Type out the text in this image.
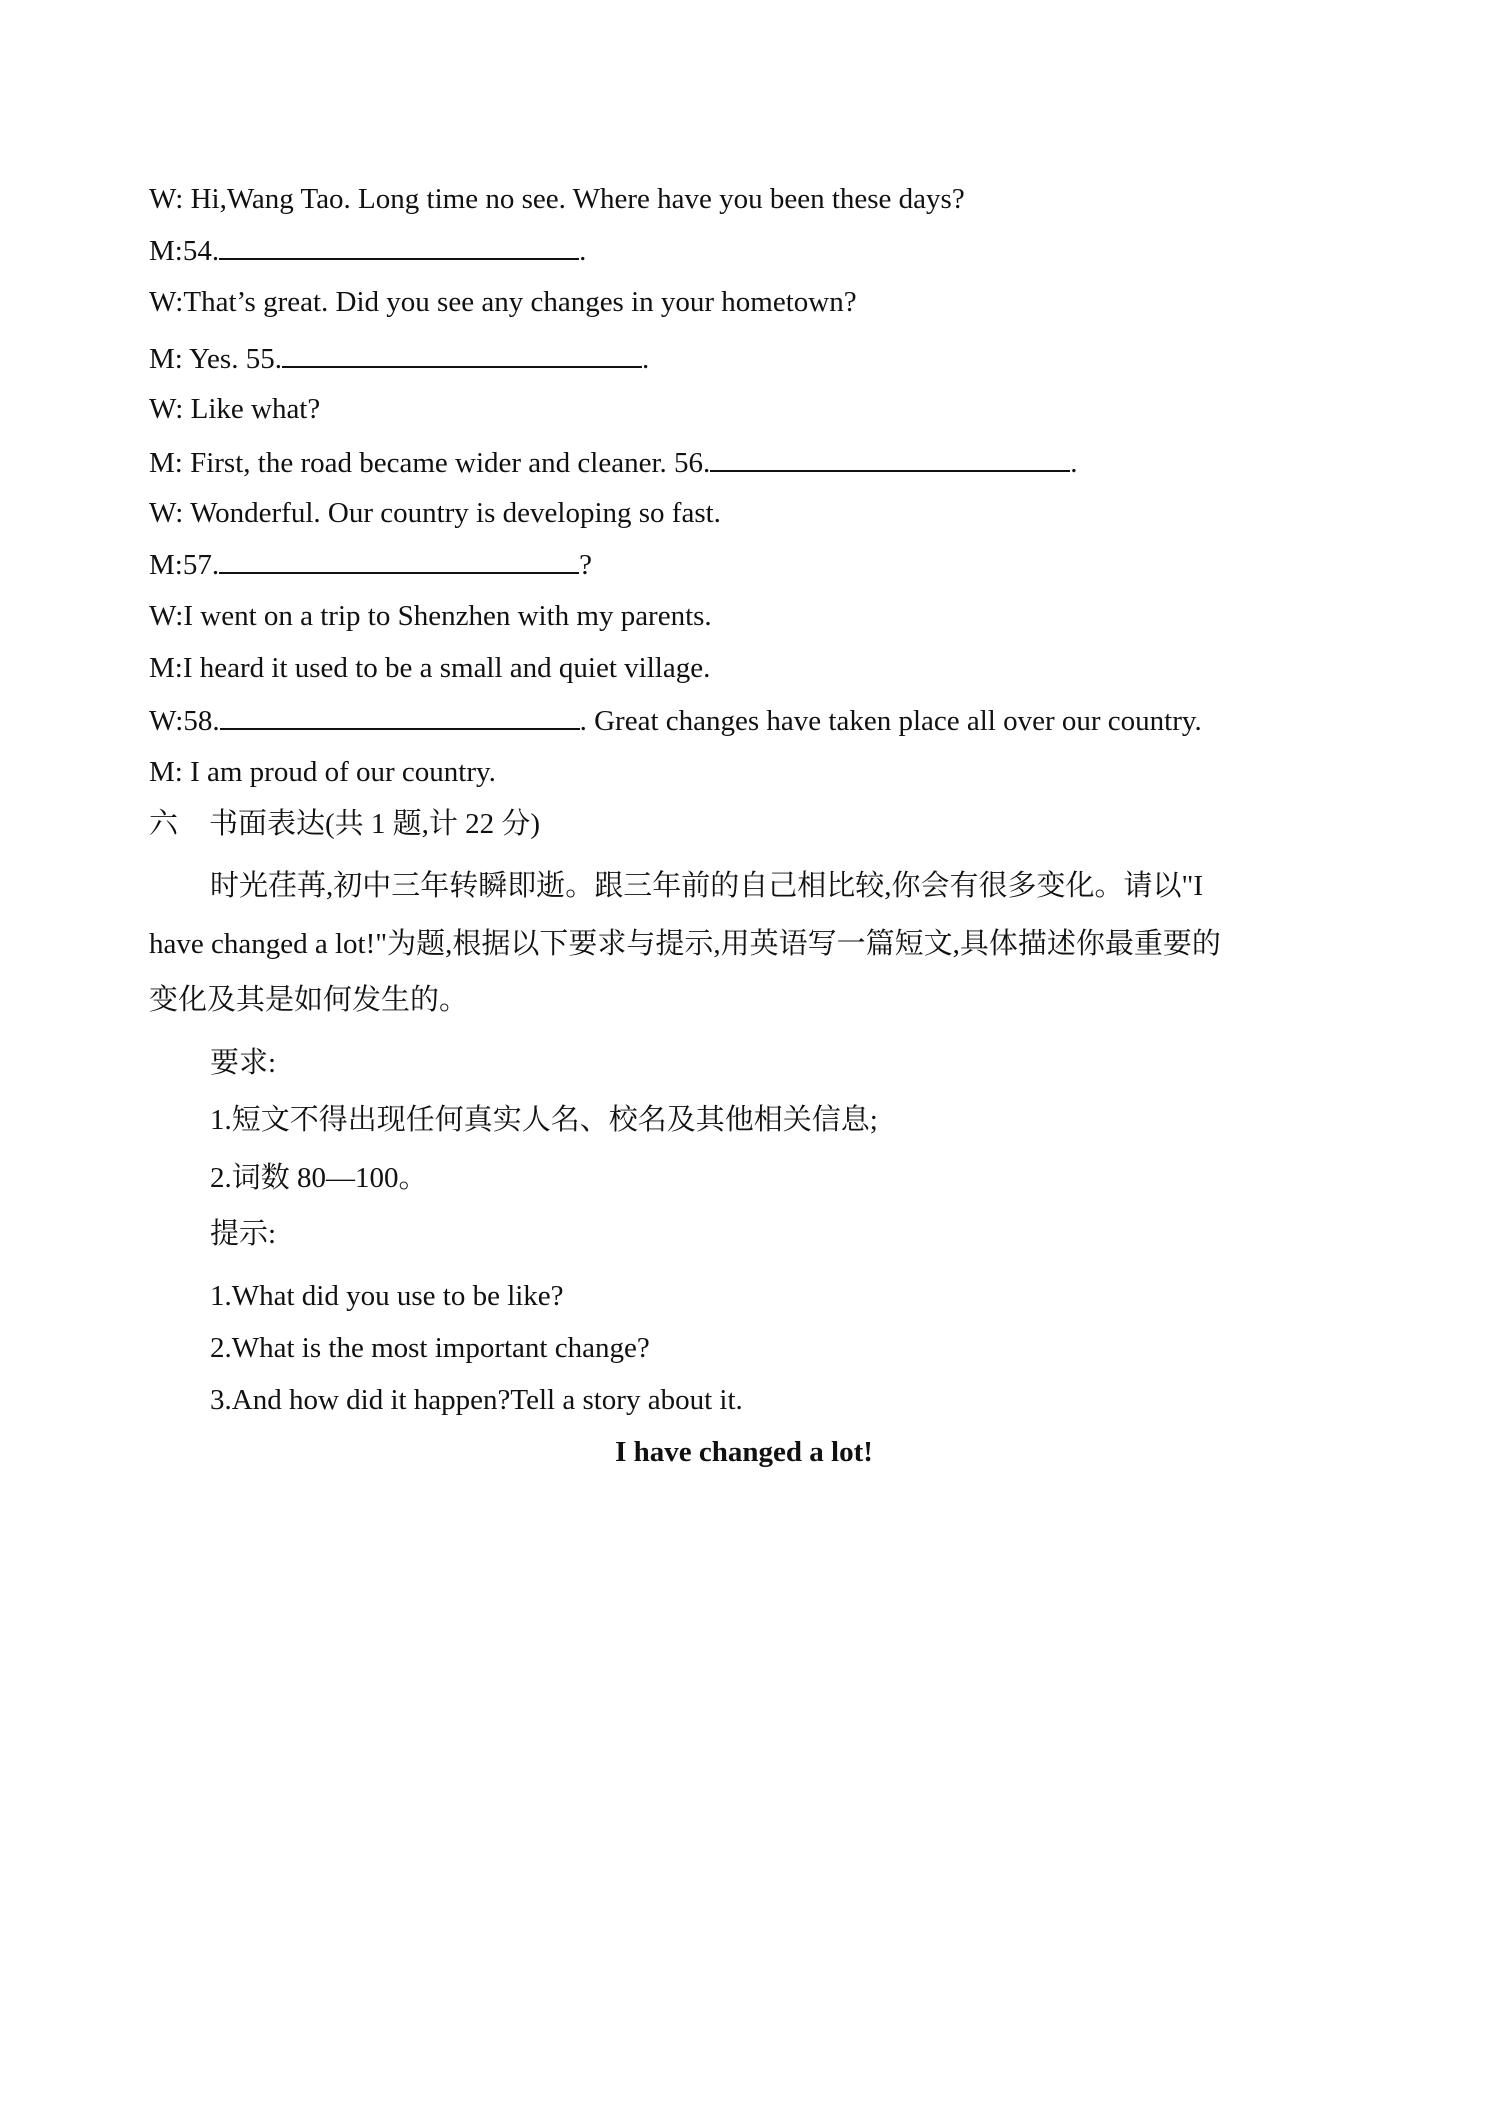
W: Hi,Wang Tao. Long time no see. Where have you been these days?
M:54.	.
W:That’s great. Did you see any changes in your hometown?
M: Yes. 55.	.
W: Like what?
M: First, the road became wider and cleaner. 56.	.
W: Wonderful. Our country is developing so fast.
M:57.	?
W:I went on a trip to Shenzhen with my parents.
M:I heard it used to be a small and quiet village.
W:58.	. Great changes have taken place all over our country.
M: I am proud of our country.
六 书面表达(共 1 题,计 22 分)
时光荏苒,初中三年转瞬即逝。跟三年前的自己相比较,你会有很多变化。请以"I
have changed a lot!"为题,根据以下要求与提示,用英语写一篇短文,具体描述你最重要的
变化及其是如何发生的。
要求:
1.短文不得出现任何真实人名、校名及其他相关信息;
2.词数 80—100。
提示:
1.What did you use to be like?
2.What is the most important change?
3.And how did it happen?Tell a story about it.
I have changed a lot!
